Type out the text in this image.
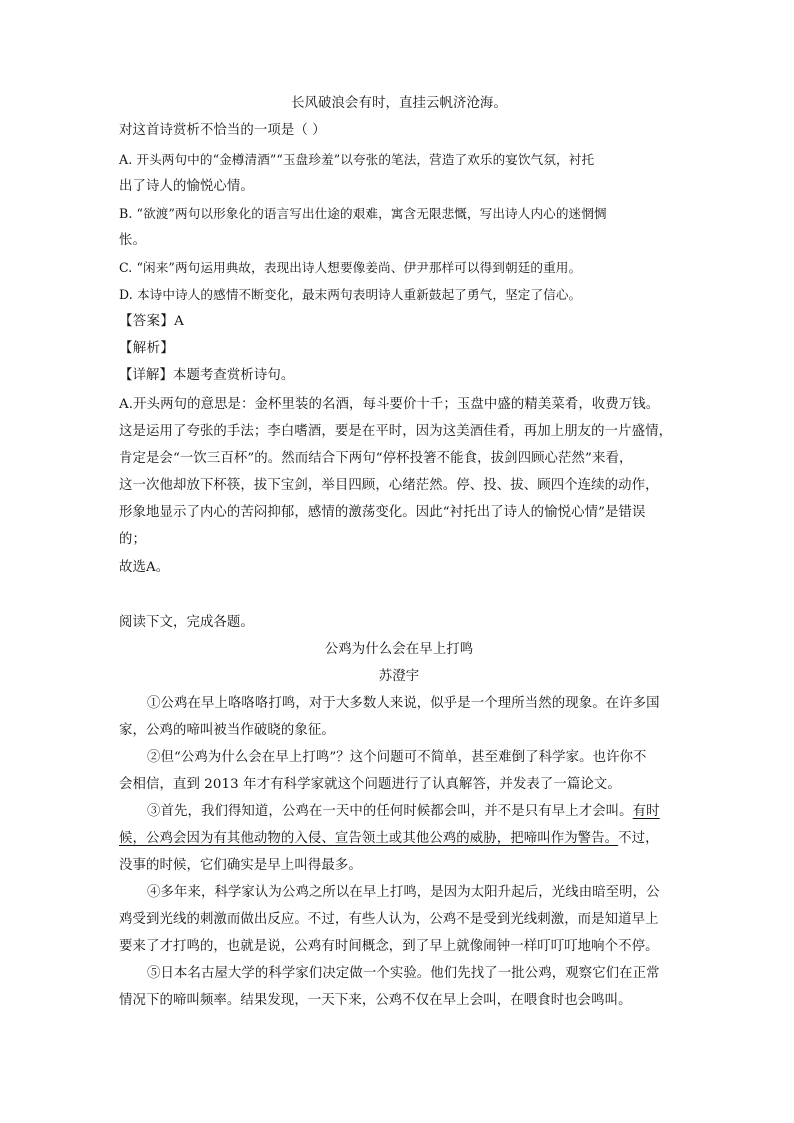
长风破浪会有时，直挂云帆济沧海。
对这首诗赏析不恰当的一项是（ ）
A. 开头两句中的“金樽清酒”“玉盘珍羞”以夸张的笔法，营造了欢乐的宴饮气氛，衬托
出了诗人的愉悦心情。
B. “欲渡”两句以形象化的语言写出仕途的艰难，寓含无限悲慨，写出诗人内心的迷惘惆
怅。
C. “闲来”两句运用典故，表现出诗人想要像姜尚、伊尹那样可以得到朝廷的重用。
D. 本诗中诗人的感情不断变化，最末两句表明诗人重新鼓起了勇气，坚定了信心。
【答案】A
【解析】
【详解】本题考查赏析诗句。
A.开头两句的意思是：金杯里装的名酒，每斗要价十千；玉盘中盛的精美菜肴，收费万钱。
这是运用了夸张的手法；李白嗜酒，要是在平时，因为这美酒佳肴，再加上朋友的一片盛情，
肯定是会“一饮三百杯”的。然而结合下两句“停杯投箸不能食，拔剑四顾心茫然”来看，
这一次他却放下杯筷，拔下宝剑，举目四顾，心绪茫然。停、投、拔、顾四个连续的动作，
形象地显示了内心的苦闷抑郁，感情的激荡变化。因此“衬托出了诗人的愉悦心情”是错误
的；
故选A。
阅读下文，完成各题。
公鸡为什么会在早上打鸣
苏澄宇
①公鸡在早上咯咯咯打鸣，对于大多数人来说，似乎是一个理所当然的现象。在许多国
家，公鸡的啼叫被当作破晓的象征。
②但“公鸡为什么会在早上打鸣”？这个问题可不简单，甚至难倒了科学家。也许你不
会相信，直到 2013 年才有科学家就这个问题进行了认真解答，并发表了一篇论文。
③首先，我们得知道，公鸡在一天中的任何时候都会叫，并不是只有早上才会叫。有时
候，公鸡会因为有其他动物的入侵、宣告领土或其他公鸡的威胁，把啼叫作为警告。不过，
没事的时候，它们确实是早上叫得最多。
④多年来，科学家认为公鸡之所以在早上打鸣，是因为太阳升起后，光线由暗至明，公
鸡受到光线的刺激而做出反应。不过，有些人认为，公鸡不是受到光线刺激，而是知道早上
要来了才打鸣的，也就是说，公鸡有时间概念，到了早上就像闹钟一样叮叮叮地响个不停。
⑤日本名古屋大学的科学家们决定做一个实验。他们先找了一批公鸡，观察它们在正常
情况下的啼叫频率。结果发现，一天下来，公鸡不仅在早上会叫，在喂食时也会鸣叫。
